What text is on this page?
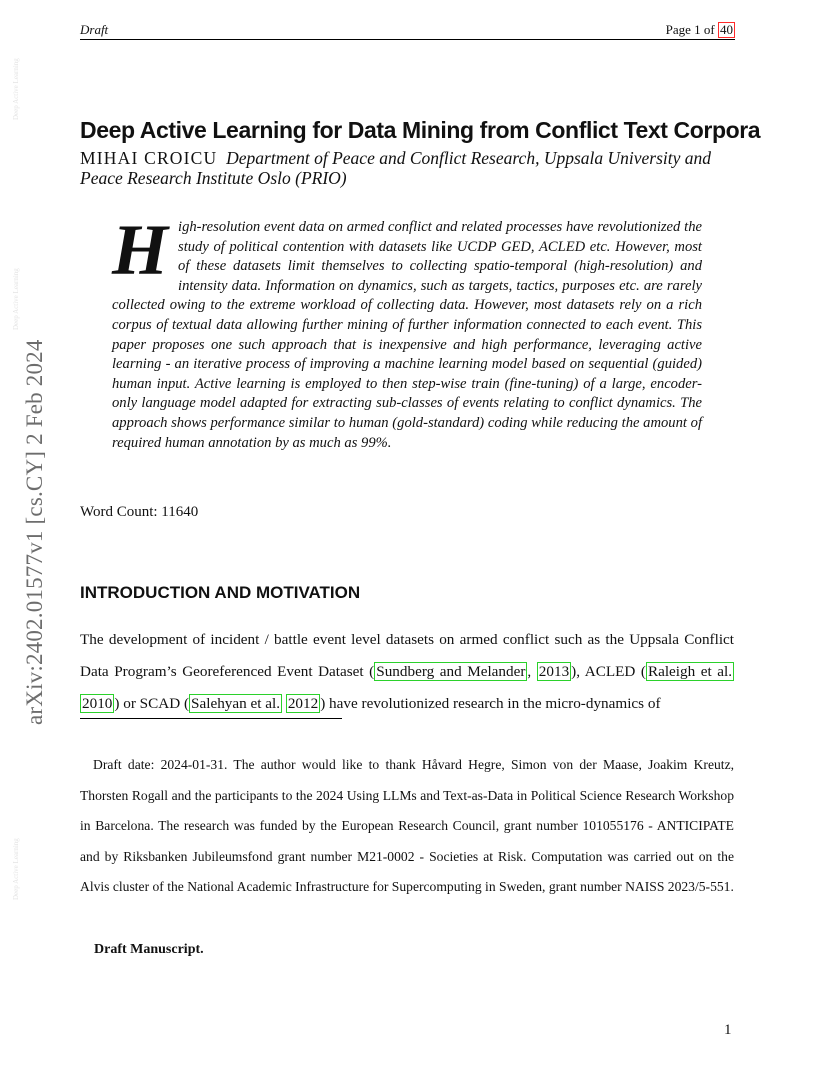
Draft	Page 1 of 40
Deep Active Learning
Deep Active Learning
Deep Active Learning
arXiv:2402.01577v1 [cs.CY] 2 Feb 2024
Deep Active Learning for Data Mining from Conflict Text Corpora
MIHAI CROICU Department of Peace and Conflict Research, Uppsala University and Peace Research Institute Oslo (PRIO)
High-resolution event data on armed conflict and related processes have revolutionized the study of political contention with datasets like UCDP GED, ACLED etc. However, most of these datasets limit themselves to collecting spatio-temporal (high-resolution) and intensity data. Information on dynamics, such as targets, tactics, purposes etc. are rarely collected owing to the extreme workload of collecting data. However, most datasets rely on a rich corpus of textual data allowing further mining of further information connected to each event. This paper proposes one such approach that is inexpensive and high performance, leveraging active learning - an iterative process of improving a machine learning model based on sequential (guided) human input. Active learning is employed to then step-wise train (fine-tuning) of a large, encoder-only language model adapted for extracting sub-classes of events relating to conflict dynamics. The approach shows performance similar to human (gold-standard) coding while reducing the amount of required human annotation by as much as 99%.
Word Count: 11640
INTRODUCTION AND MOTIVATION
The development of incident / battle event level datasets on armed conflict such as the Uppsala Conflict Data Program’s Georeferenced Event Dataset ( Sundberg and Melander , 2013 ), ACLED ( Raleigh et al. 2010 ) or SCAD ( Salehyan et al. 2012 ) have revolutionized research in the micro-dynamics of
Draft date: 2024-01-31. The author would like to thank Håvard Hegre, Simon von der Maase, Joakim Kreutz, Thorsten Rogall and the participants to the 2024 Using LLMs and Text-as-Data in Political Science Research Workshop in Barcelona. The research was funded by the European Research Council, grant number 101055176 - ANTICIPATE and by Riksbanken Jubileumsfond grant number M21-0002 - Societies at Risk. Computation was carried out on the Alvis cluster of the National Academic Infrastructure for Supercomputing in Sweden, grant number NAISS 2023/5-551.
Draft Manuscript.
1
